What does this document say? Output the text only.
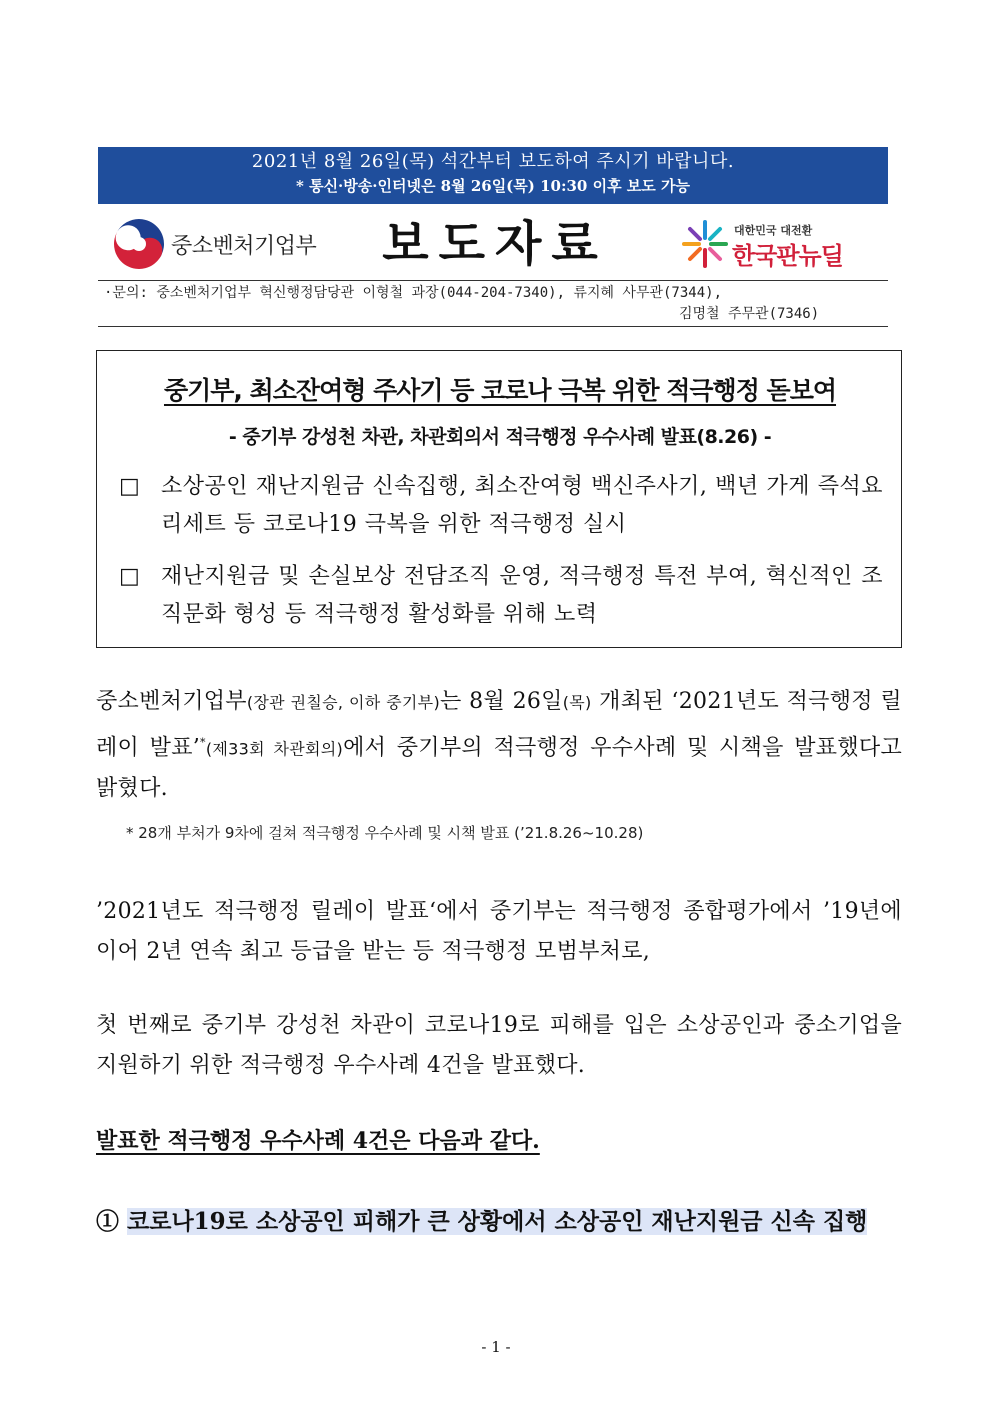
2021년 8월 26일(목) 석간부터 보도하여 주시기 바랍니다.
* 통신·방송·인터넷은 8월 26일(목) 10:30 이후 보도 가능
중소벤처기업부	보도자료	대한민국 대전환
한국판뉴딜
·문의: 중소벤처기업부 혁신행정담당관 이형철 과장(044-204-7340), 류지혜 사무관(7344),
김명철 주무관(7346)
중기부, 최소잔여형 주사기 등 코로나 극복 위한 적극행정 돋보여
- 중기부 강성천 차관, 차관회의서 적극행정 우수사례 발표(8.26) -
□ 소상공인 재난지원금 신속집행, 최소잔여형 백신주사기, 백년 가게 즉석요리세트 등 코로나19 극복을 위한 적극행정 실시
□ 재난지원금 및 손실보상 전담조직 운영, 적극행정 특전 부여, 혁신적인 조직문화 형성 등 적극행정 활성화를 위해 노력
중소벤처기업부(장관 권칠승, 이하 중기부)는 8월 26일(목) 개최된 ‘2021년도 적극행정 릴레이 발표’*(제33회 차관회의)에서 중기부의 적극행정 우수사례 및 시책을 발표했다고 밝혔다.
* 28개 부처가 9차에 걸쳐 적극행정 우수사례 및 시책 발표 (’21.8.26~10.28)
’2021년도 적극행정 릴레이 발표‘에서 중기부는 적극행정 종합평가에서 ’19년에 이어 2년 연속 최고 등급을 받는 등 적극행정 모범부처로,
첫 번째로 중기부 강성천 차관이 코로나19로 피해를 입은 소상공인과 중소기업을 지원하기 위한 적극행정 우수사례 4건을 발표했다.
발표한 적극행정 우수사례 4건은 다음과 같다.
① 코로나19로 소상공인 피해가 큰 상황에서 소상공인 재난지원금 신속 집행
- 1 -
